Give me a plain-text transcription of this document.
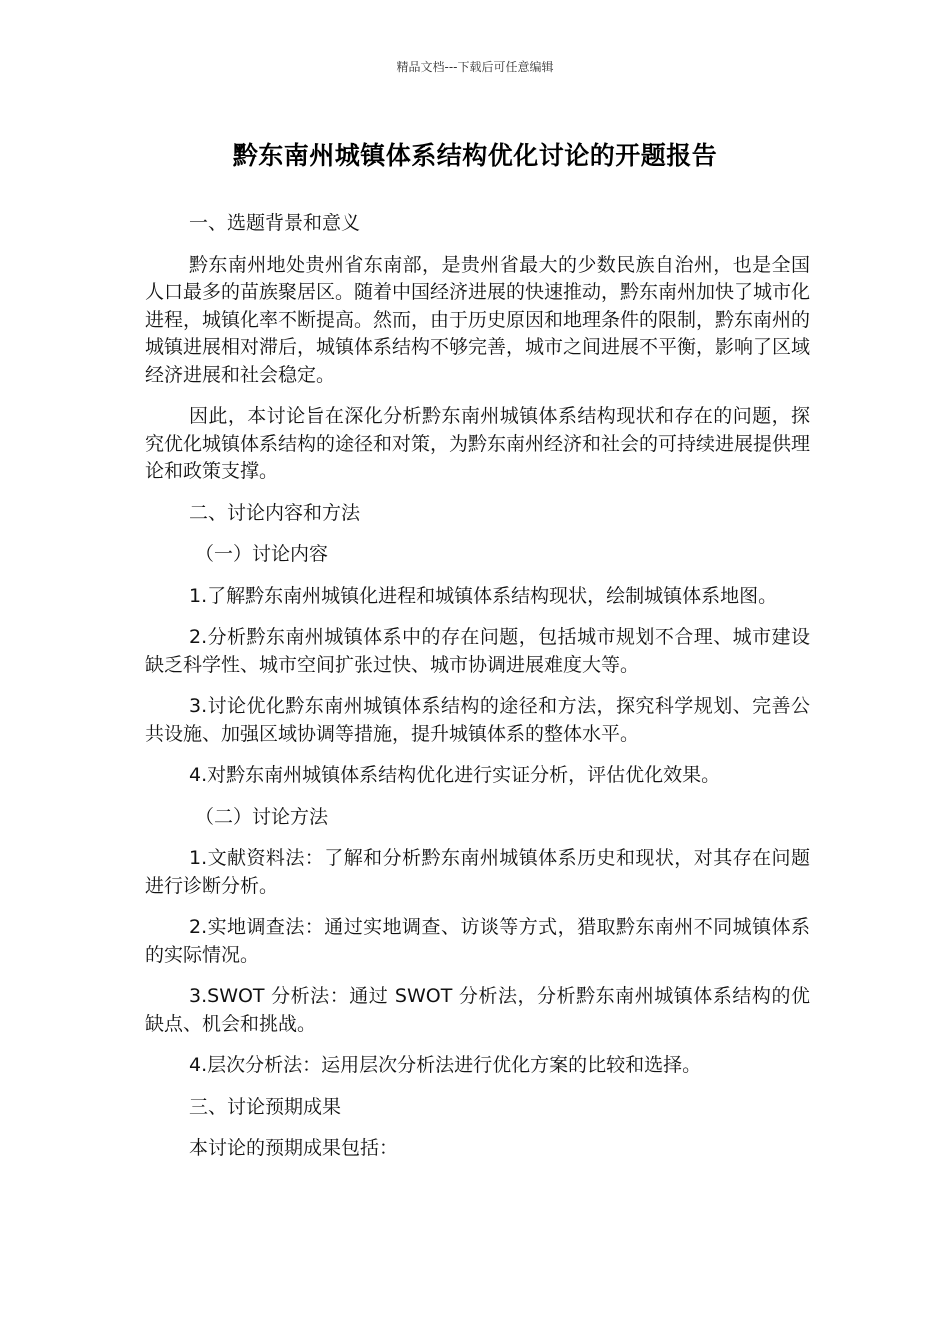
精品文档---下载后可任意编辑
黔东南州城镇体系结构优化讨论的开题报告

一、选题背景和意义

黔东南州地处贵州省东南部，是贵州省最大的少数民族自治州，也是全国人口最多的苗族聚居区。随着中国经济进展的快速推动，黔东南州加快了城市化进程，城镇化率不断提高。然而，由于历史原因和地理条件的限制，黔东南州的城镇进展相对滞后，城镇体系结构不够完善，城市之间进展不平衡，影响了区域经济进展和社会稳定。

因此，本讨论旨在深化分析黔东南州城镇体系结构现状和存在的问题，探究优化城镇体系结构的途径和对策，为黔东南州经济和社会的可持续进展提供理论和政策支撑。

二、讨论内容和方法

（一）讨论内容

1.了解黔东南州城镇化进程和城镇体系结构现状，绘制城镇体系地图。

2.分析黔东南州城镇体系中的存在问题，包括城市规划不合理、城市建设缺乏科学性、城市空间扩张过快、城市协调进展难度大等。

3.讨论优化黔东南州城镇体系结构的途径和方法，探究科学规划、完善公共设施、加强区域协调等措施，提升城镇体系的整体水平。

4.对黔东南州城镇体系结构优化进行实证分析，评估优化效果。

（二）讨论方法

1.文献资料法：了解和分析黔东南州城镇体系历史和现状，对其存在问题进行诊断分析。

2.实地调查法：通过实地调查、访谈等方式，猎取黔东南州不同城镇体系的实际情况。

3.SWOT 分析法：通过 SWOT 分析法，分析黔东南州城镇体系结构的优缺点、机会和挑战。

4.层次分析法：运用层次分析法进行优化方案的比较和选择。

三、讨论预期成果

本讨论的预期成果包括：
